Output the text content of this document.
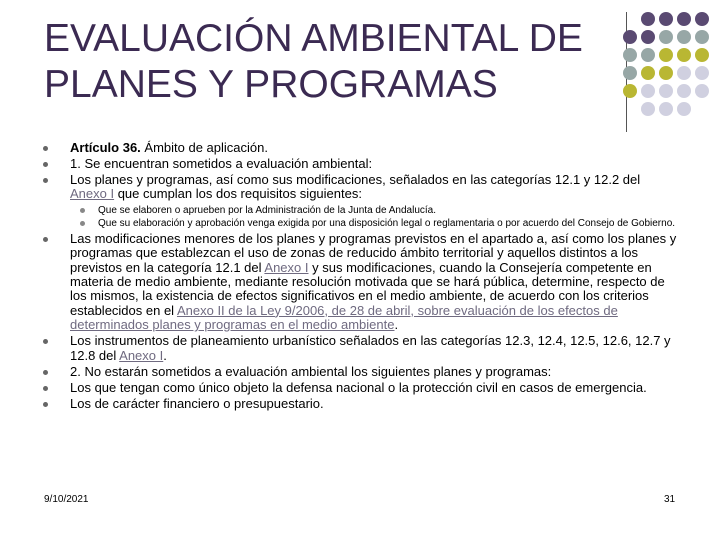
EVALUACIÓN AMBIENTAL DE
PLANES Y PROGRAMAS
Artículo 36. Ámbito de aplicación.
1. Se encuentran sometidos a evaluación ambiental:
Los planes y programas, así como sus modificaciones, señalados en las categorías 12.1 y 12.2 del Anexo I que cumplan los dos requisitos siguientes:
Que se elaboren o aprueben por la Administración de la Junta de Andalucía.
Que su elaboración y aprobación venga exigida por una disposición legal o reglamentaria o por acuerdo del Consejo de Gobierno.
Las modificaciones menores de los planes y programas previstos en el apartado a, así como los planes y programas que establezcan el uso de zonas de reducido ámbito territorial y aquellos distintos a los previstos en la categoría 12.1 del Anexo I y sus modificaciones, cuando la Consejería competente en materia de medio ambiente, mediante resolución motivada que se hará pública, determine, respecto de los mismos, la existencia de efectos significativos en el medio ambiente, de acuerdo con los criterios establecidos en el Anexo II de la Ley 9/2006, de 28 de abril, sobre evaluación de los efectos de determinados planes y programas en el medio ambiente.
Los instrumentos de planeamiento urbanístico señalados en las categorías 12.3, 12.4, 12.5, 12.6, 12.7 y 12.8 del Anexo I.
2. No estarán sometidos a evaluación ambiental los siguientes planes y programas:
Los que tengan como único objeto la defensa nacional o la protección civil en casos de emergencia.
Los de carácter financiero o presupuestario.
9/10/2021	31
